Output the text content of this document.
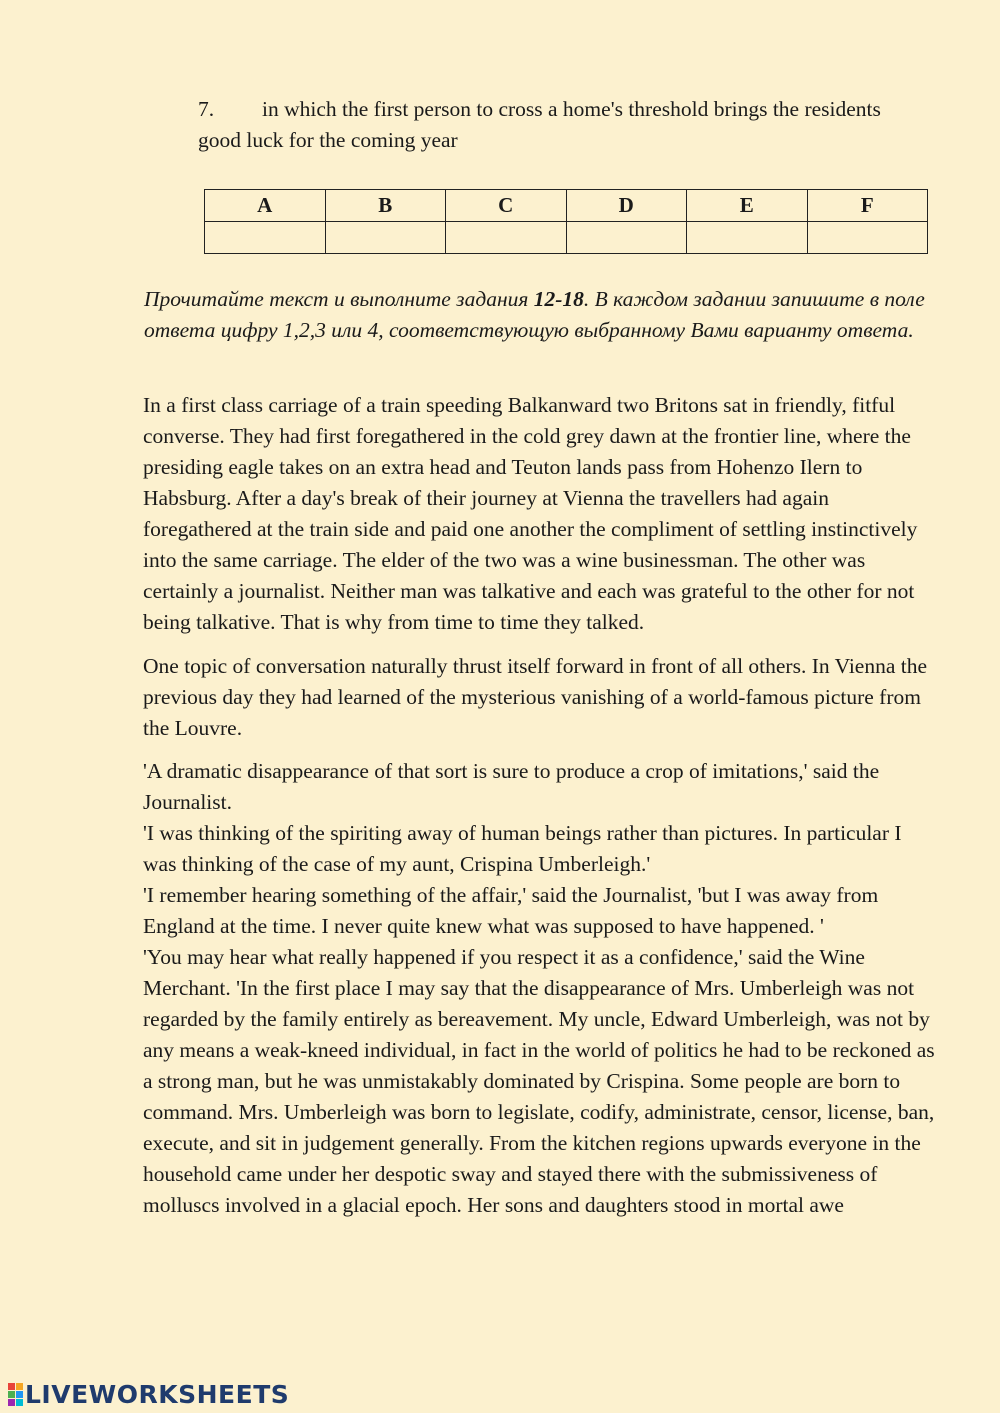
7. in which the first person to cross a home's threshold brings the residents good luck for the coming year
A	B	C	D	E	F

Прочитайте текст и выполните задания 12-18. В каждом задании запишите в поле ответа цифру 1,2,3 или 4, соответствующую выбранному Вами варианту ответа.

In a first class carriage of a train speeding Balkanward two Britons sat in friendly, fitful converse. They had first foregathered in the cold grey dawn at the frontier line, where the presiding eagle takes on an extra head and Teuton lands pass from Hohenzo Ilern to Habsburg. After a day's break of their journey at Vienna the travellers had again foregathered at the train side and paid one another the compliment of settling instinctively into the same carriage. The elder of the two was a wine businessman. The other was certainly a journalist. Neither man was talkative and each was grateful to the other for not being talkative. That is why from time to time they talked.

One topic of conversation naturally thrust itself forward in front of all others. In Vienna the previous day they had learned of the mysterious vanishing of a world-famous picture from the Louvre.

'A dramatic disappearance of that sort is sure to produce a crop of imitations,' said the Journalist.

'I was thinking of the spiriting away of human beings rather than pictures. In particular I was thinking of the case of my aunt, Crispina Umberleigh.'

'I remember hearing something of the affair,' said the Journalist, 'but I was away from England at the time. I never quite knew what was supposed to have happened. '

'You may hear what really happened if you respect it as a confidence,' said the Wine Merchant. 'In the first place I may say that the disappearance of Mrs. Umberleigh was not regarded by the family entirely as bereavement. My uncle, Edward Umberleigh, was not by any means a weak-kneed individual, in fact in the world of politics he had to be reckoned as a strong man, but he was unmistakably dominated by Crispina. Some people are born to command. Mrs. Umberleigh was born to legislate, codify, administrate, censor, license, ban, execute, and sit in judgement generally. From the kitchen regions upwards everyone in the household came under her despotic sway and stayed there with the submissiveness of molluscs involved in a glacial epoch. Her sons and daughters stood in mortal awe

LIVEWORKSHEETS
